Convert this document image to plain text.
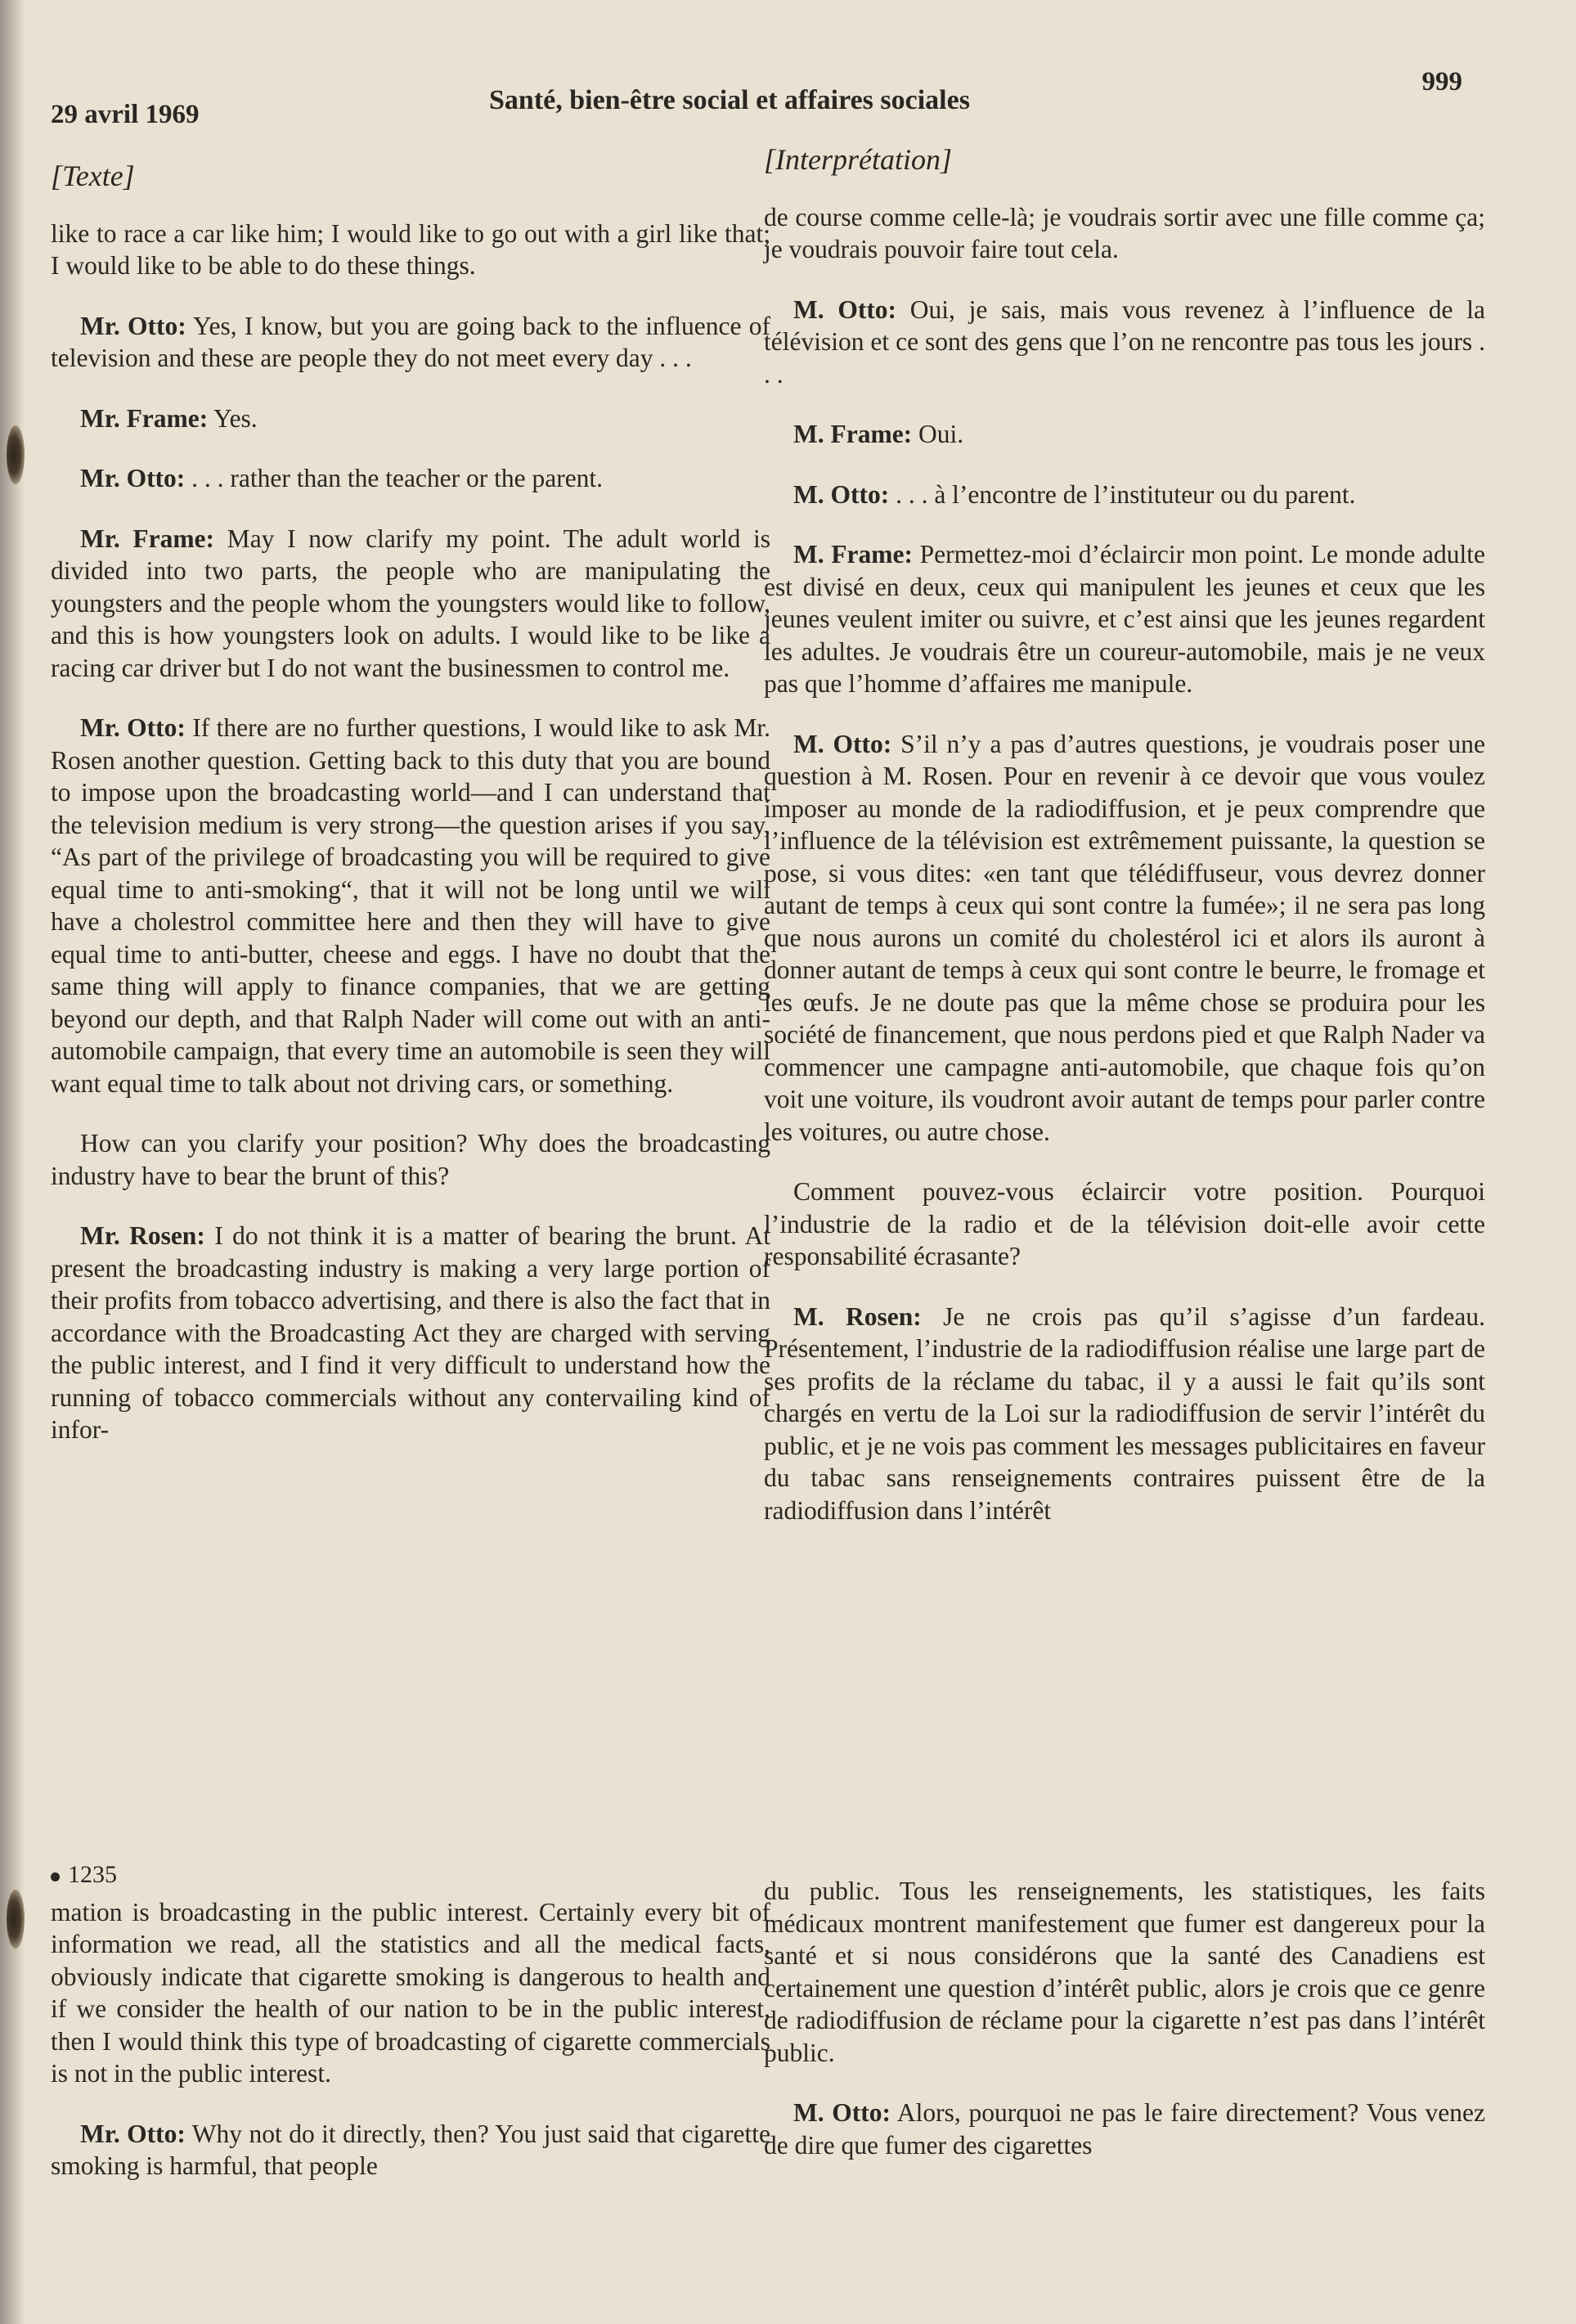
29 avril 1969	Santé, bien-être social et affaires sociales
999
[Texte]

like to race a car like him; I would like to go out with a girl like that; I would like to be able to do these things.

Mr. Otto: Yes, I know, but you are going back to the influence of television and these are people they do not meet every day . . .

Mr. Frame: Yes.

Mr. Otto: . . . rather than the teacher or the parent.

Mr. Frame: May I now clarify my point. The adult world is divided into two parts, the people who are manipulating the youngsters and the people whom the youngsters would like to follow, and this is how youngsters look on adults. I would like to be like a racing car driver but I do not want the businessmen to control me.

Mr. Otto: If there are no further questions, I would like to ask Mr. Rosen another question. Getting back to this duty that you are bound to impose upon the broadcasting world—and I can understand that the television medium is very strong—the question arises if you say, “As part of the privilege of broadcasting you will be required to give equal time to anti-smoking“, that it will not be long until we will have a cholestrol committee here and then they will have to give equal time to anti-butter, cheese and eggs. I have no doubt that the same thing will apply to finance companies, that we are getting beyond our depth, and that Ralph Nader will come out with an anti-automobile campaign, that every time an automobile is seen they will want equal time to talk about not driving cars, or something.

How can you clarify your position? Why does the broadcasting industry have to bear the brunt of this?

Mr. Rosen: I do not think it is a matter of bearing the brunt. At present the broadcasting industry is making a very large portion of their profits from tobacco advertising, and there is also the fact that in accordance with the Broadcasting Act they are charged with serving the public interest, and I find it very difficult to understand how the running of tobacco commercials without any contervailing kind of infor-

1235

mation is broadcasting in the public interest. Certainly every bit of information we read, all the statistics and all the medical facts, obviously indicate that cigarette smoking is dangerous to health and if we consider the health of our nation to be in the public interest, then I would think this type of broadcasting of cigarette commercials is not in the public interest.

Mr. Otto: Why not do it directly, then? You just said that cigarette smoking is harmful, that people

[Interprétation]

de course comme celle-là; je voudrais sortir avec une fille comme ça; je voudrais pouvoir faire tout cela.

M. Otto: Oui, je sais, mais vous revenez à l’influence de la télévision et ce sont des gens que l’on ne rencontre pas tous les jours . . .

M. Frame: Oui.

M. Otto: . . . à l’encontre de l’instituteur ou du parent.

M. Frame: Permettez-moi d’éclaircir mon point. Le monde adulte est divisé en deux, ceux qui manipulent les jeunes et ceux que les jeunes veulent imiter ou suivre, et c’est ainsi que les jeunes regardent les adultes. Je voudrais être un coureur-automobile, mais je ne veux pas que l’homme d’affaires me manipule.

M. Otto: S’il n’y a pas d’autres questions, je voudrais poser une question à M. Rosen. Pour en revenir à ce devoir que vous voulez imposer au monde de la radiodiffusion, et je peux comprendre que l’influence de la télévision est extrêmement puissante, la question se pose, si vous dites: «en tant que télédiffuseur, vous devrez donner autant de temps à ceux qui sont contre la fumée»; il ne sera pas long que nous aurons un comité du cholestérol ici et alors ils auront à donner autant de temps à ceux qui sont contre le beurre, le fromage et les œufs. Je ne doute pas que la même chose se produira pour les société de financement, que nous perdons pied et que Ralph Nader va commencer une campagne anti-automobile, que chaque fois qu’on voit une voiture, ils voudront avoir autant de temps pour parler contre les voitures, ou autre chose.

Comment pouvez-vous éclaircir votre position. Pourquoi l’industrie de la radio et de la télévision doit-elle avoir cette responsabilité écrasante?

M. Rosen: Je ne crois pas qu’il s’agisse d’un fardeau. Présentement, l’industrie de la radiodiffusion réalise une large part de ses profits de la réclame du tabac, il y a aussi le fait qu’ils sont chargés en vertu de la Loi sur la radiodiffusion de servir l’intérêt du public, et je ne vois pas comment les messages publicitaires en faveur du tabac sans renseignements contraires puissent être de la radiodiffusion dans l’intérêt

du public. Tous les renseignements, les statistiques, les faits médicaux montrent manifestement que fumer est dangereux pour la santé et si nous considérons que la santé des Canadiens est certainement une question d’intérêt public, alors je crois que ce genre de radiodiffusion de réclame pour la cigarette n’est pas dans l’intérêt public.

M. Otto: Alors, pourquoi ne pas le faire directement? Vous venez de dire que fumer des cigarettes
